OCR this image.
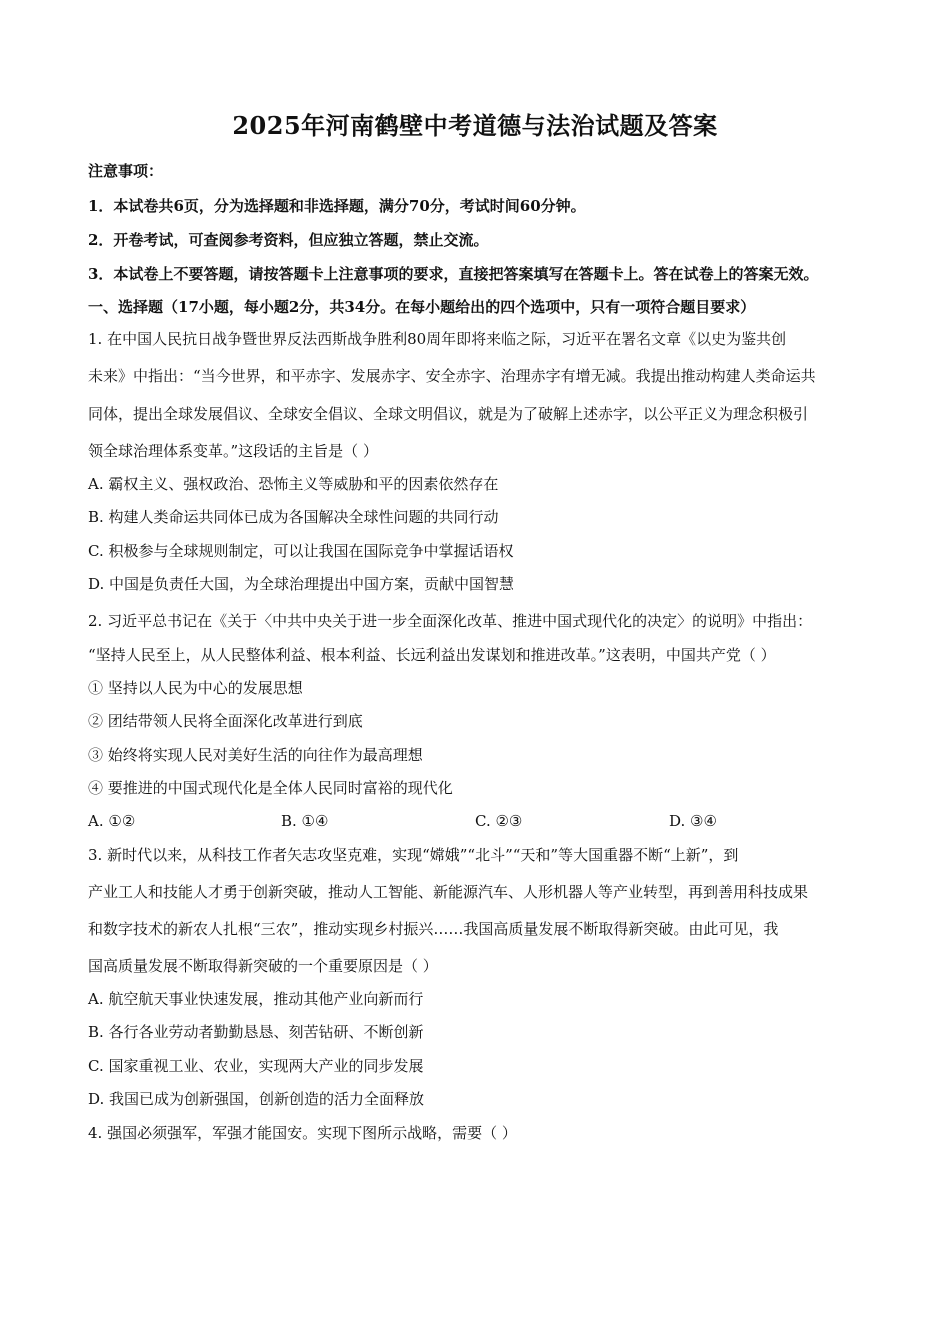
2025年河南鹤壁中考道德与法治试题及答案
注意事项：
1．本试卷共6页，分为选择题和非选择题，满分70分，考试时间60分钟。
2．开卷考试，可查阅参考资料，但应独立答题，禁止交流。
3．本试卷上不要答题，请按答题卡上注意事项的要求，直接把答案填写在答题卡上。答在试卷上的答案无效。
一、选择题（17小题，每小题2分，共34分。在每小题给出的四个选项中，只有一项符合题目要求）
1. 在中国人民抗日战争暨世界反法西斯战争胜利80周年即将来临之际，习近平在署名文章《以史为鉴共创
未来》中指出：“当今世界，和平赤字、发展赤字、安全赤字、治理赤字有增无减。我提出推动构建人类命运共
同体，提出全球发展倡议、全球安全倡议、全球文明倡议，就是为了破解上述赤字，以公平正义为理念积极引
领全球治理体系变革。”这段话的主旨是（ ）
A. 霸权主义、强权政治、恐怖主义等威胁和平的因素依然存在
B. 构建人类命运共同体已成为各国解决全球性问题的共同行动
C. 积极参与全球规则制定，可以让我国在国际竞争中掌握话语权
D. 中国是负责任大国，为全球治理提出中国方案，贡献中国智慧
2. 习近平总书记在《关于〈中共中央关于进一步全面深化改革、推进中国式现代化的决定〉的说明》中指出：
“坚持人民至上，从人民整体利益、根本利益、长远利益出发谋划和推进改革。”这表明，中国共产党（ ）
① 坚持以人民为中心的发展思想
② 团结带领人民将全面深化改革进行到底
③ 始终将实现人民对美好生活的向往作为最高理想
④ 要推进的中国式现代化是全体人民同时富裕的现代化
A. ①②	B. ①④	C. ②③	D. ③④
3. 新时代以来，从科技工作者矢志攻坚克难，实现“嫦娥”“北斗”“天和”等大国重器不断“上新”，到
产业工人和技能人才勇于创新突破，推动人工智能、新能源汽车、人形机器人等产业转型，再到善用科技成果
和数字技术的新农人扎根“三农”，推动实现乡村振兴……我国高质量发展不断取得新突破。由此可见，我
国高质量发展不断取得新突破的一个重要原因是（ ）
A. 航空航天事业快速发展，推动其他产业向新而行
B. 各行各业劳动者勤勤恳恳、刻苦钻研、不断创新
C. 国家重视工业、农业，实现两大产业的同步发展
D. 我国已成为创新强国，创新创造的活力全面释放
4. 强国必须强军，军强才能国安。实现下图所示战略，需要（ ）
